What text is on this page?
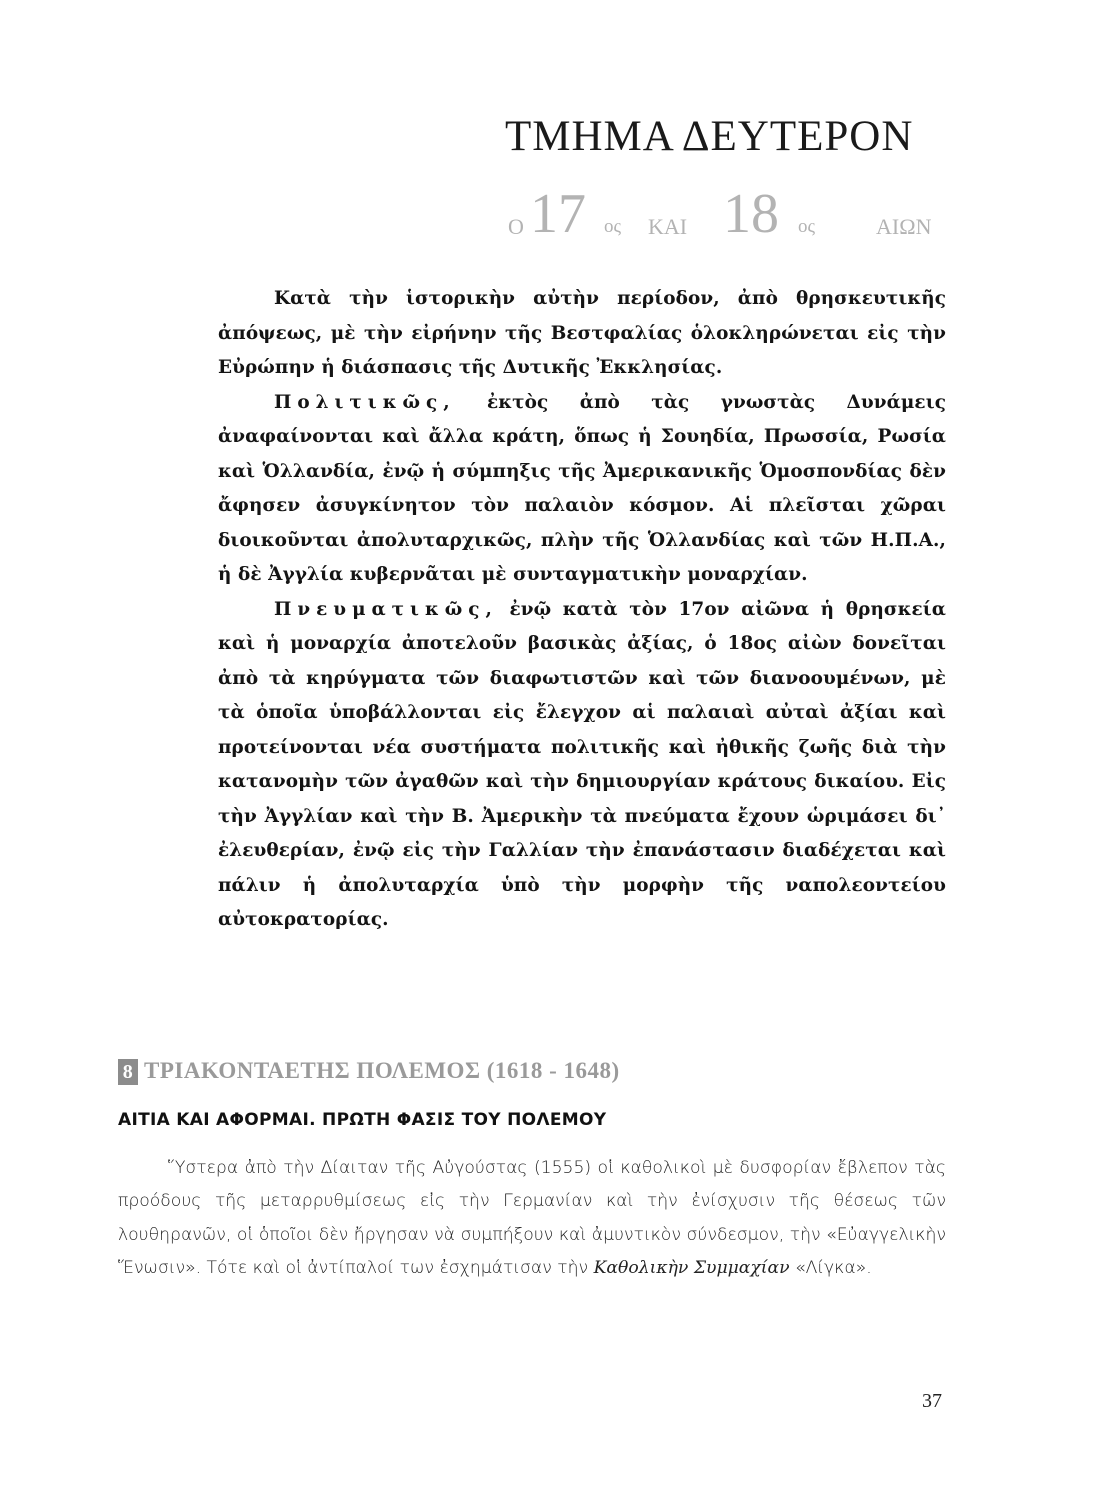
ΤΜΗΜΑ ΔΕΥΤΕΡΟΝ
Ο 17 ος ΚΑΙ 18 ος	ΑΙΩΝ

Κατὰ τὴν ἱστορικὴν αὐτὴν περίοδον, ἀπὸ θρησκευτικῆς ἀπόψεως, μὲ τὴν εἰρήνην τῆς Βεστφαλίας ὁλοκληρώνεται εἰς τὴν Εὐρώπην ἡ διάσπασις τῆς Δυτικῆς Ἐκκλησίας.

Πολιτικῶς, ἐκτὸς ἀπὸ τὰς γνωστὰς Δυνάμεις ἀναφαίνονται καὶ ἄλλα κράτη, ὅπως ἡ Σουηδία, Πρωσσία, Ρωσία καὶ Ὁλλανδία, ἐνῷ ἡ σύμπηξις τῆς Ἀμερικανικῆς Ὁμοσπονδίας δὲν ἄφησεν ἀσυγκίνητον τὸν παλαιὸν κόσμον. Αἱ πλεῖσται χῶραι διοικοῦνται ἀπολυταρχικῶς, πλὴν τῆς Ὁλλανδίας καὶ τῶν Η.Π.Α., ἡ δὲ Ἀγγλία κυβερνᾶται μὲ συνταγματικὴν μοναρχίαν.

Πνευματικῶς, ἐνῷ κατὰ τὸν 17ον αἰῶνα ἡ θρησκεία καὶ ἡ μοναρχία ἀποτελοῦν βασικὰς ἀξίας, ὁ 18ος αἰὼν δονεῖται ἀπὸ τὰ κηρύγματα τῶν διαφωτιστῶν καὶ τῶν διανοουμένων, μὲ τὰ ὁποῖα ὑποβάλλονται εἰς ἔλεγχον αἱ παλαιαὶ αὐταὶ ἀξίαι καὶ προτείνονται νέα συστήματα πολιτικῆς καὶ ἠθικῆς ζωῆς διὰ τὴν κατανομὴν τῶν ἀγαθῶν καὶ τὴν δημιουργίαν κράτους δικαίου. Εἰς τὴν Ἀγγλίαν καὶ τὴν Β. Ἀμερικὴν τὰ πνεύματα ἔχουν ὡριμάσει δι᾿ ἐλευθερίαν, ἐνῷ εἰς τὴν Γαλλίαν τὴν ἐπανάστασιν διαδέχεται καὶ πάλιν ἡ ἀπολυταρχία ὑπὸ τὴν μορφὴν τῆς ναπολεοντείου αὐτοκρατορίας.

8 ΤΡΙΑΚΟΝΤΑΕΤΗΣ ΠΟΛΕΜΟΣ (1618 - 1648)
ΑΙΤΙΑ ΚΑΙ ΑΦΟΡΜΑΙ. ΠΡΩΤΗ ΦΑΣΙΣ ΤΟΥ ΠΟΛΕΜΟΥ

Ὕστερα ἀπὸ τὴν Δίαιταν τῆς Αὐγούστας (1555) οἱ καθολικοὶ μὲ δυσφορίαν ἔβλεπον τὰς προόδους τῆς μεταρρυθμίσεως εἰς τὴν Γερμανίαν καὶ τὴν ἐνίσχυσιν τῆς θέσεως τῶν λουθηρανῶν, οἱ ὁποῖοι δὲν ἤργησαν νὰ συμπήξουν καὶ ἀμυντικὸν σύνδεσμον, τὴν «Εὐαγγελικὴν Ἕνωσιν». Τότε καὶ οἱ ἀντίπαλοί των ἐσχημάτισαν τὴν Καθολικὴν Συμμαχίαν «Λίγκα».

37
